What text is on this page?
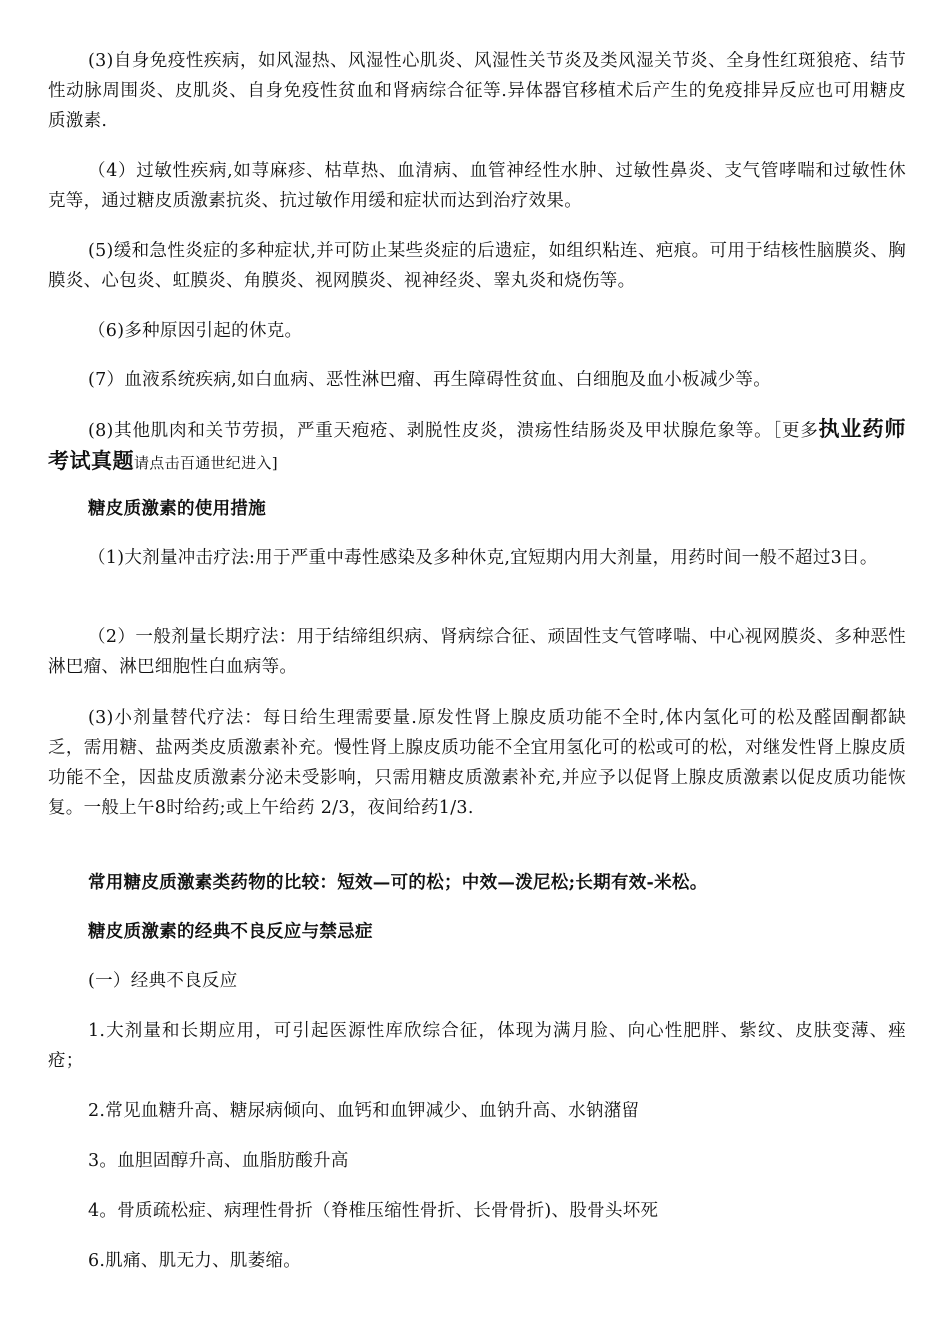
(3)自身免疫性疾病，如风湿热、风湿性心肌炎、风湿性关节炎及类风湿关节炎、全身性红斑狼疮、结节性动脉周围炎、皮肌炎、自身免疫性贫血和肾病综合征等.异体器官移植术后产生的免疫排异反应也可用糖皮质激素.

（4）过敏性疾病,如荨麻疹、枯草热、血清病、血管神经性水肿、过敏性鼻炎、支气管哮喘和过敏性休克等，通过糖皮质激素抗炎、抗过敏作用缓和症状而达到治疗效果。

(5)缓和急性炎症的多种症状,并可防止某些炎症的后遗症，如组织粘连、疤痕。可用于结核性脑膜炎、胸膜炎、心包炎、虹膜炎、角膜炎、视网膜炎、视神经炎、睾丸炎和烧伤等。

（6)多种原因引起的休克。

(7）血液系统疾病,如白血病、恶性淋巴瘤、再生障碍性贫血、白细胞及血小板减少等。

(8)其他肌肉和关节劳损，严重天疱疮、剥脱性皮炎，溃疡性结肠炎及甲状腺危象等。［更多执业药师考试真题请点击百通世纪进入]

糖皮质激素的使用措施

（1)大剂量冲击疗法:用于严重中毒性感染及多种休克,宜短期内用大剂量，用药时间一般不超过3日。

（2）一般剂量长期疗法：用于结缔组织病、肾病综合征、顽固性支气管哮喘、中心视网膜炎、多种恶性淋巴瘤、淋巴细胞性白血病等。

(3)小剂量替代疗法：每日给生理需要量.原发性肾上腺皮质功能不全时,体内氢化可的松及醛固酮都缺乏，需用糖、盐两类皮质激素补充。慢性肾上腺皮质功能不全宜用氢化可的松或可的松，对继发性肾上腺皮质功能不全，因盐皮质激素分泌未受影响，只需用糖皮质激素补充,并应予以促肾上腺皮质激素以促皮质功能恢复。一般上午8时给药;或上午给药 2/3，夜间给药1/3.

常用糖皮质激素类药物的比较：短效—可的松；中效—泼尼松;长期有效-米松。

糖皮质激素的经典不良反应与禁忌症

(一）经典不良反应

1.大剂量和长期应用，可引起医源性库欣综合征，体现为满月脸、向心性肥胖、紫纹、皮肤变薄、痤疮；

2.常见血糖升高、糖尿病倾向、血钙和血钾减少、血钠升高、水钠潴留

3。血胆固醇升高、血脂肪酸升高

4。骨质疏松症、病理性骨折（脊椎压缩性骨折、长骨骨折)、股骨头坏死

6.肌痛、肌无力、肌萎缩。
